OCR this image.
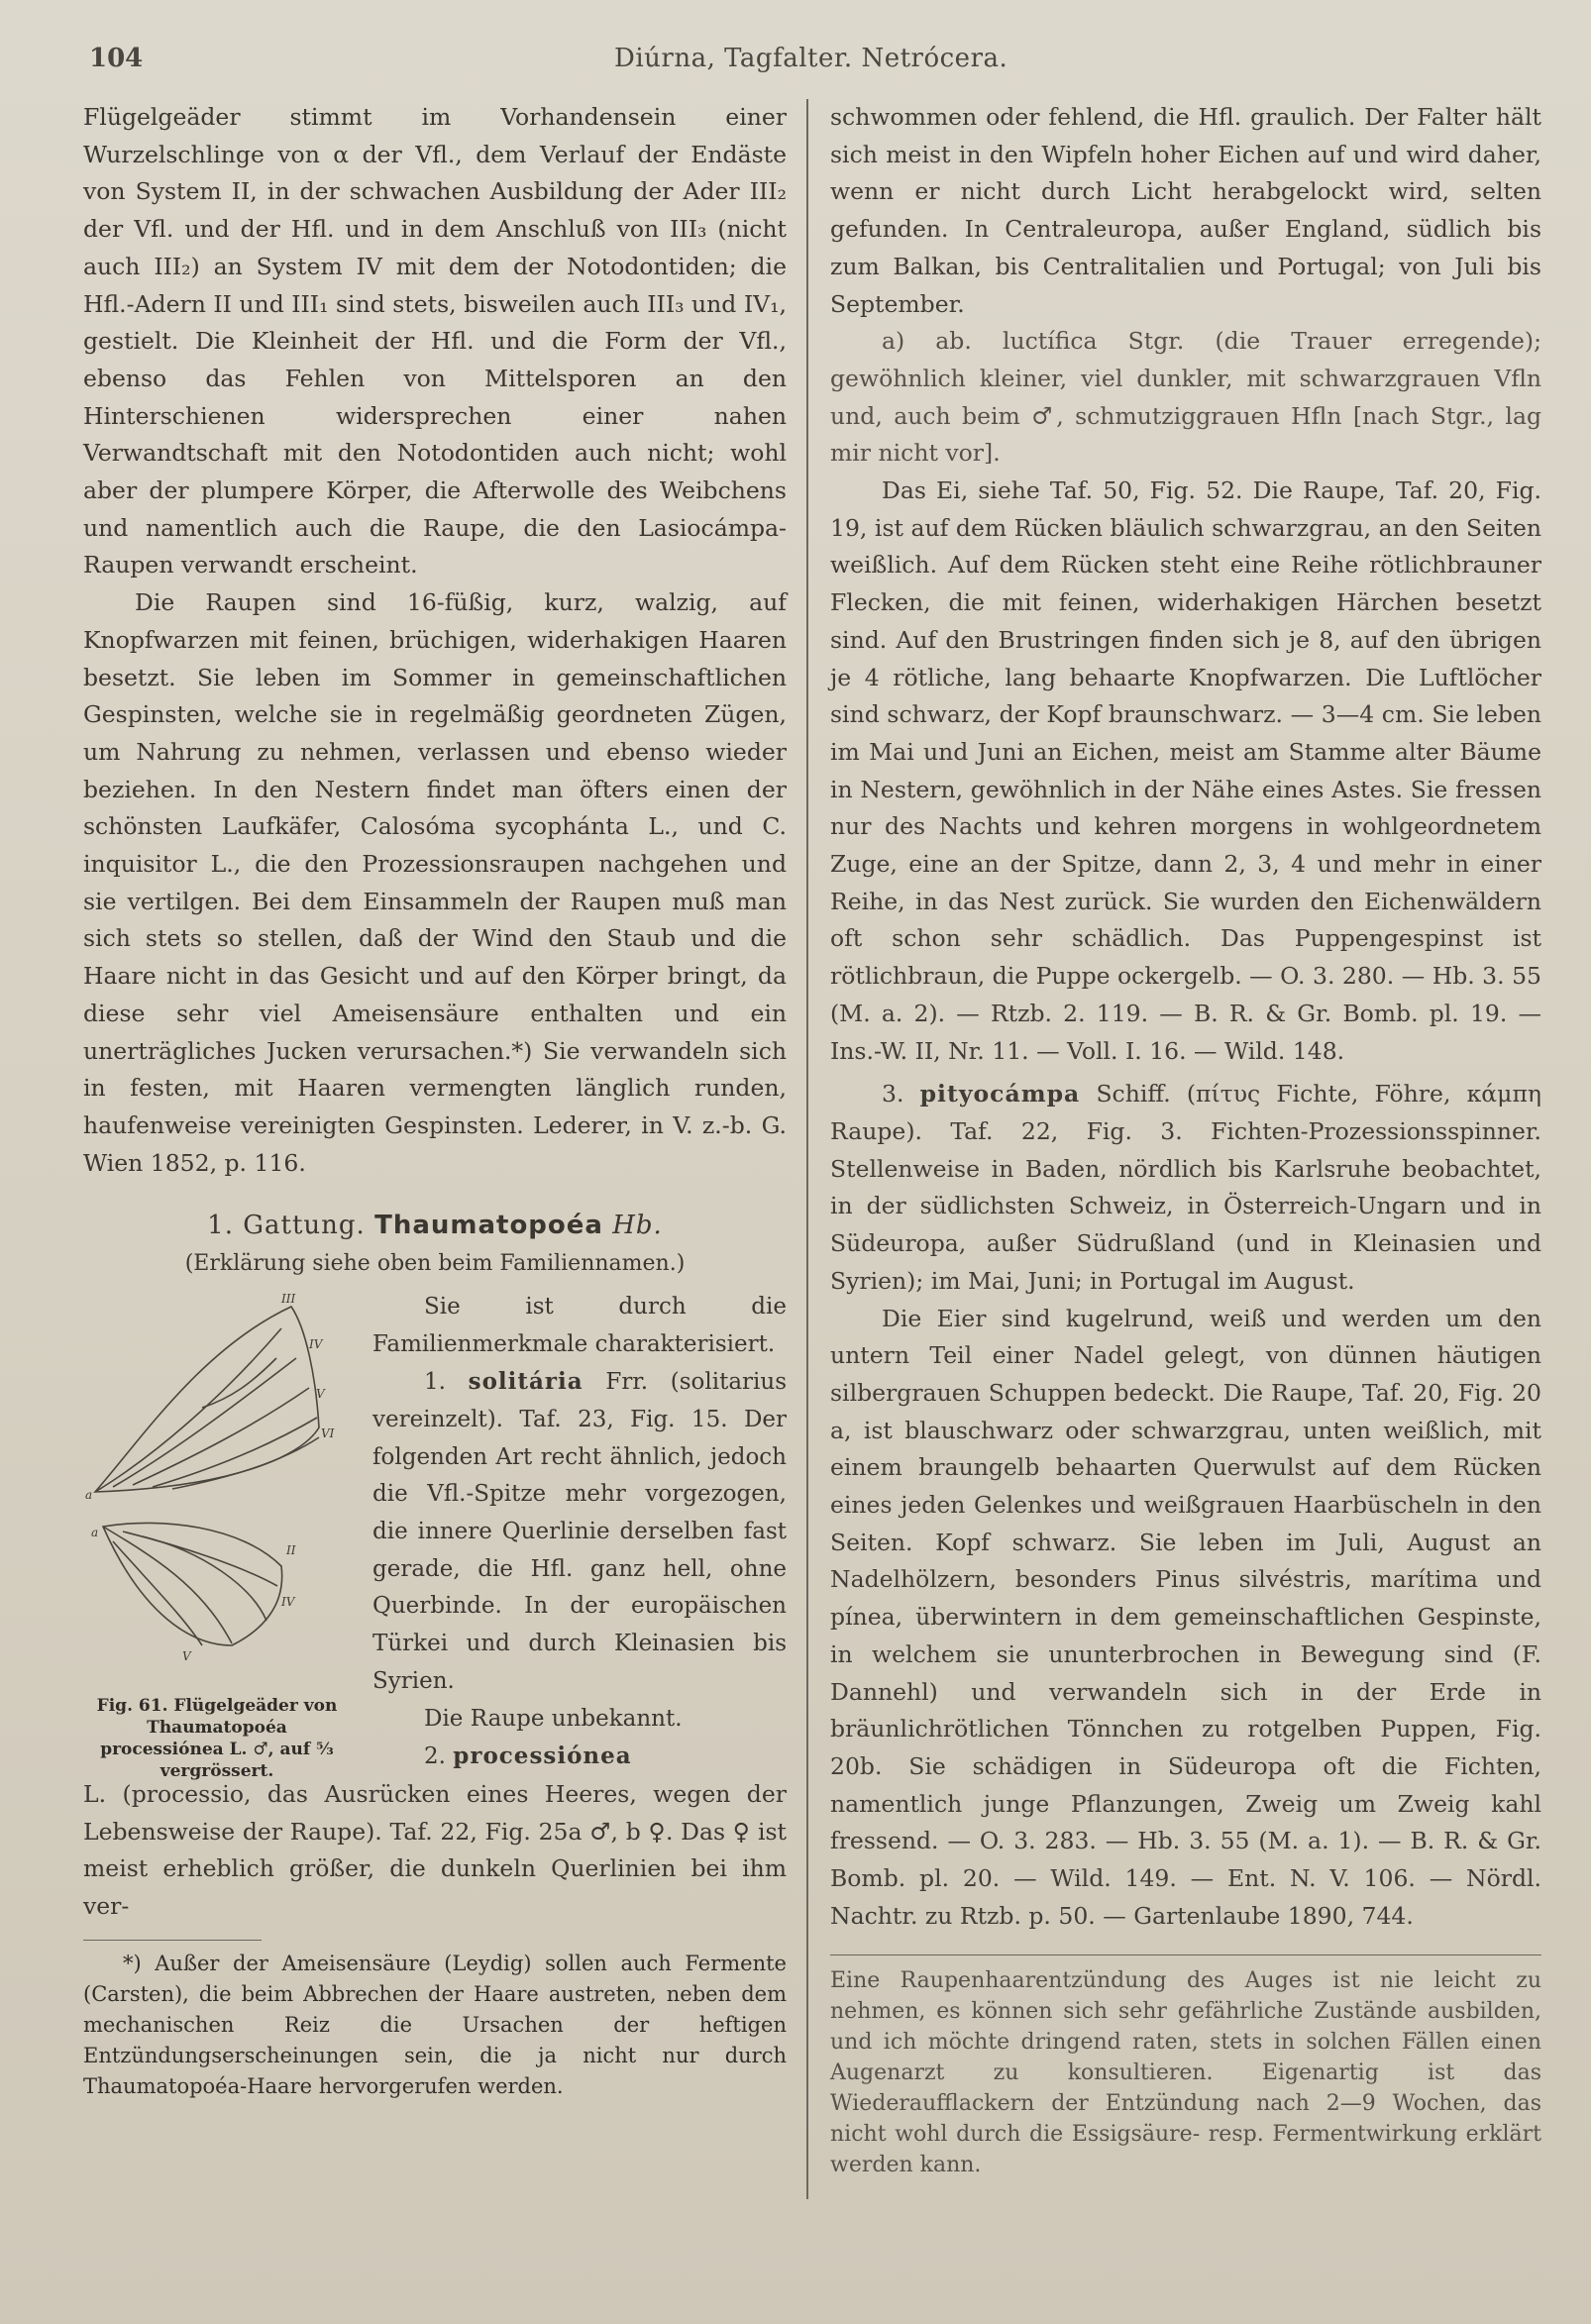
104	Diúrna, Tagfalter. Netrócera.

Flügelgeäder stimmt im Vorhandensein einer Wurzelschlinge von α der Vfl., dem Verlauf der Endäste von System II, in der schwachen Ausbildung der Ader III₂ der Vfl. und der Hfl. und in dem Anschluß von III₃ (nicht auch III₂) an System IV mit dem der Notodontiden; die Hfl.-Adern II und III₁ sind stets, bisweilen auch III₃ und IV₁, gestielt. Die Kleinheit der Hfl. und die Form der Vfl., ebenso das Fehlen von Mittelsporen an den Hinterschienen widersprechen einer nahen Verwandtschaft mit den Notodontiden auch nicht; wohl aber der plumpere Körper, die Afterwolle des Weibchens und namentlich auch die Raupe, die den Lasiocámpa-Raupen verwandt erscheint.

Die Raupen sind 16-füßig, kurz, walzig, auf Knopfwarzen mit feinen, brüchigen, widerhakigen Haaren besetzt. Sie leben im Sommer in gemeinschaftlichen Gespinsten, welche sie in regelmäßig geordneten Zügen, um Nahrung zu nehmen, verlassen und ebenso wieder beziehen. In den Nestern findet man öfters einen der schönsten Laufkäfer, Calosóma sycophánta L., und C. inquisitor L., die den Prozessionsraupen nachgehen und sie vertilgen. Bei dem Einsammeln der Raupen muß man sich stets so stellen, daß der Wind den Staub und die Haare nicht in das Gesicht und auf den Körper bringt, da diese sehr viel Ameisensäure enthalten und ein unerträgliches Jucken verursachen.*) Sie verwandeln sich in festen, mit Haaren vermengten länglich runden, haufenweise vereinigten Gespinsten. Lederer, in V. z.-b. G. Wien 1852, p. 116.

1. Gattung. Thaumatopoéa Hb.

(Erklärung siehe oben beim Familiennamen.)

III
IV
V
VI
a
II
IV
V
a
Fig. 61. Flügelgeäder von Thaumatopoéa processiónea L. ♂, auf ⁵⁄₃ vergrössert.

Sie ist durch die Familienmerkmale charakterisiert.

1. solitária Frr. (solitarius vereinzelt). Taf. 23, Fig. 15. Der folgenden Art recht ähnlich, jedoch die Vfl.-Spitze mehr vorgezogen, die innere Querlinie derselben fast gerade, die Hfl. ganz hell, ohne Querbinde. In der europäischen Türkei und durch Kleinasien bis Syrien.

Die Raupe unbekannt.

2. processiónea

L. (processio, das Ausrücken eines Heeres, wegen der Lebensweise der Raupe). Taf. 22, Fig. 25a ♂, b ♀. Das ♀ ist meist erheblich größer, die dunkeln Querlinien bei ihm ver-

*) Außer der Ameisensäure (Leydig) sollen auch Fermente (Carsten), die beim Abbrechen der Haare austreten, neben dem mechanischen Reiz die Ursachen der heftigen Entzündungserscheinungen sein, die ja nicht nur durch Thaumatopoéa-Haare hervorgerufen werden.

schwommen oder fehlend, die Hfl. graulich. Der Falter hält sich meist in den Wipfeln hoher Eichen auf und wird daher, wenn er nicht durch Licht herabgelockt wird, selten gefunden. In Centraleuropa, außer England, südlich bis zum Balkan, bis Centralitalien und Portugal; von Juli bis September.

a) ab. luctífica Stgr. (die Trauer erregende); gewöhnlich kleiner, viel dunkler, mit schwarzgrauen Vfln und, auch beim ♂, schmutziggrauen Hfln [nach Stgr., lag mir nicht vor].

Das Ei, siehe Taf. 50, Fig. 52. Die Raupe, Taf. 20, Fig. 19, ist auf dem Rücken bläulich schwarzgrau, an den Seiten weißlich. Auf dem Rücken steht eine Reihe rötlichbrauner Flecken, die mit feinen, widerhakigen Härchen besetzt sind. Auf den Brustringen finden sich je 8, auf den übrigen je 4 rötliche, lang behaarte Knopfwarzen. Die Luftlöcher sind schwarz, der Kopf braunschwarz. — 3—4 cm. Sie leben im Mai und Juni an Eichen, meist am Stamme alter Bäume in Nestern, gewöhnlich in der Nähe eines Astes. Sie fressen nur des Nachts und kehren morgens in wohlgeordnetem Zuge, eine an der Spitze, dann 2, 3, 4 und mehr in einer Reihe, in das Nest zurück. Sie wurden den Eichenwäldern oft schon sehr schädlich. Das Puppengespinst ist rötlichbraun, die Puppe ockergelb. — O. 3. 280. — Hb. 3. 55 (M. a. 2). — Rtzb. 2. 119. — B. R. & Gr. Bomb. pl. 19. — Ins.-W. II, Nr. 11. — Voll. I. 16. — Wild. 148.

3. pityocámpa Schiff. (πίτυς Fichte, Föhre, κάμπη Raupe). Taf. 22, Fig. 3. Fichten-Prozessionsspinner. Stellenweise in Baden, nördlich bis Karlsruhe beobachtet, in der südlichsten Schweiz, in Österreich-Ungarn und in Südeuropa, außer Südrußland (und in Kleinasien und Syrien); im Mai, Juni; in Portugal im August.

Die Eier sind kugelrund, weiß und werden um den untern Teil einer Nadel gelegt, von dünnen häutigen silbergrauen Schuppen bedeckt. Die Raupe, Taf. 20, Fig. 20 a, ist blauschwarz oder schwarzgrau, unten weißlich, mit einem braungelb behaarten Querwulst auf dem Rücken eines jeden Gelenkes und weißgrauen Haarbüscheln in den Seiten. Kopf schwarz. Sie leben im Juli, August an Nadelhölzern, besonders Pinus silvéstris, marítima und pínea, überwintern in dem gemeinschaftlichen Gespinste, in welchem sie ununterbrochen in Bewegung sind (F. Dannehl) und verwandeln sich in der Erde in bräunlichrötlichen Tönnchen zu rotgelben Puppen, Fig. 20b. Sie schädigen in Südeuropa oft die Fichten, namentlich junge Pflanzungen, Zweig um Zweig kahl fressend. — O. 3. 283. — Hb. 3. 55 (M. a. 1). — B. R. & Gr. Bomb. pl. 20. — Wild. 149. — Ent. N. V. 106. — Nördl. Nachtr. zu Rtzb. p. 50. — Gartenlaube 1890, 744.

Eine Raupenhaarentzündung des Auges ist nie leicht zu nehmen, es können sich sehr gefährliche Zustände ausbilden, und ich möchte dringend raten, stets in solchen Fällen einen Augenarzt zu konsultieren. Eigenartig ist das Wiederaufflackern der Entzündung nach 2—9 Wochen, das nicht wohl durch die Essigsäure- resp. Fermentwirkung erklärt werden kann.
